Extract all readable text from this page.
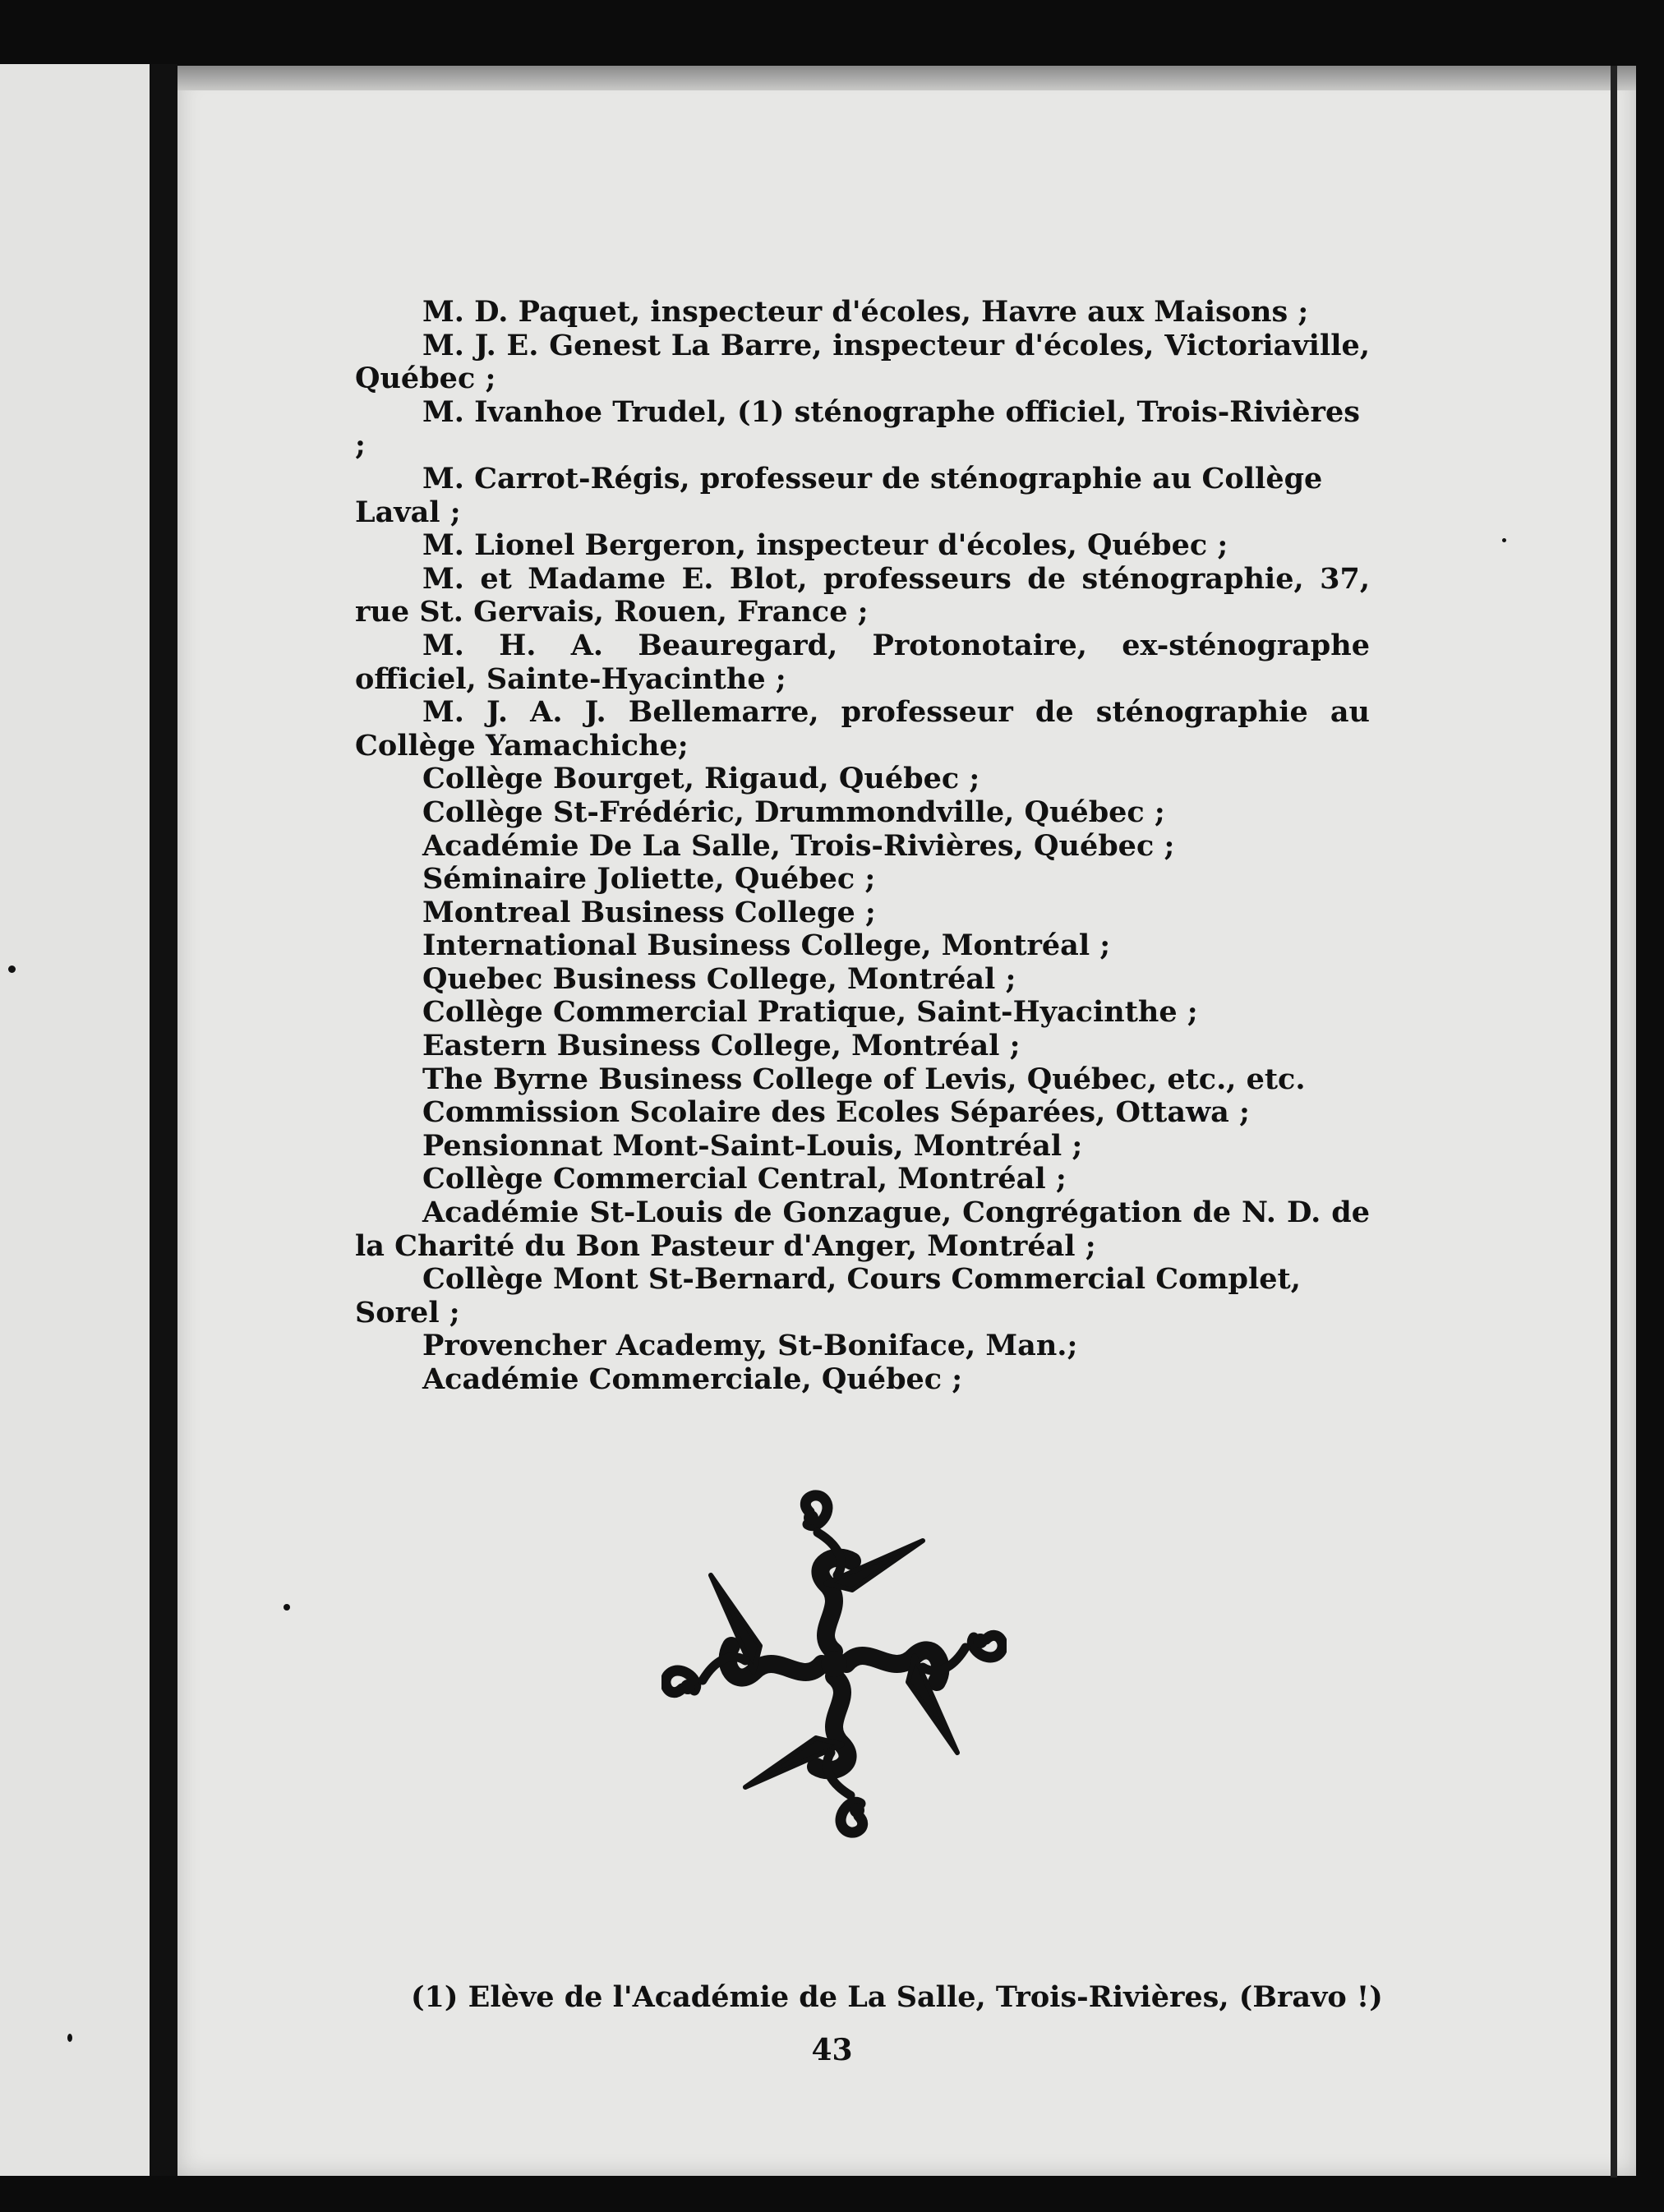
M. D. Paquet, inspecteur d'écoles, Havre aux Maisons ;
M. J. E. Genest La Barre, inspecteur d'écoles, Victoriaville, Québec ;
M. Ivanhoe Trudel, (1) sténographe officiel, Trois-Rivières ;
M. Carrot-Régis, professeur de sténographie au Collège Laval ;
M. Lionel Bergeron, inspecteur d'écoles, Québec ;
M. et Madame E. Blot, professeurs de sténographie, 37, rue St. Gervais, Rouen, France ;
M. H. A. Beauregard, Protonotaire, ex-sténographe officiel, Sainte-Hyacinthe ;
M. J. A. J. Bellemarre, professeur de sténographie au Collège Yamachiche;
Collège Bourget, Rigaud, Québec ;
Collège St-Frédéric, Drummondville, Québec ;
Académie De La Salle, Trois-Rivières, Québec ;
Séminaire Joliette, Québec ;
Montreal Business College ;
International Business College, Montréal ;
Quebec Business College, Montréal ;
Collège Commercial Pratique, Saint-Hyacinthe ;
Eastern Business College, Montréal ;
The Byrne Business College of Levis, Québec, etc., etc.
Commission Scolaire des Ecoles Séparées, Ottawa ;
Pensionnat Mont-Saint-Louis, Montréal ;
Collège Commercial Central, Montréal ;
Académie St-Louis de Gonzague, Congrégation de N. D. de la Charité du Bon Pasteur d'Anger, Montréal ;
Collège Mont St-Bernard, Cours Commercial Complet, Sorel ;
Provencher Academy, St-Boniface, Man.;
Académie Commerciale, Québec ;
(1) Elève de l'Académie de La Salle, Trois-Rivières, (Bravo !)
43
